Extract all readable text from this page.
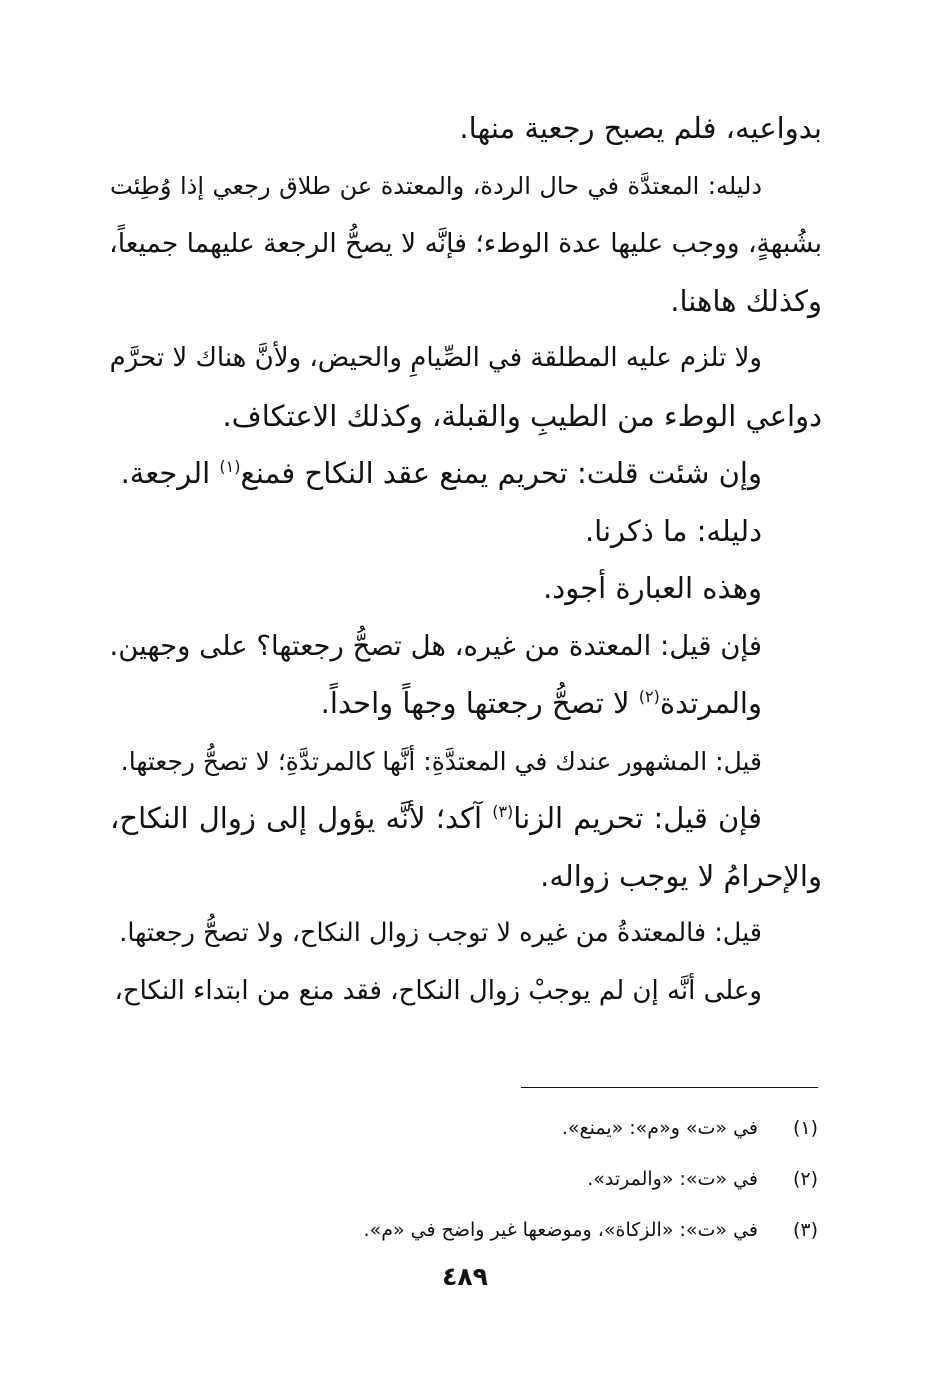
بدواعيه، فلم يصبح رجعية منها.
دليله: المعتدَّة في حال الردة، والمعتدة عن طلاق رجعي إذا وُطِئت
بشُبهةٍ، ووجب عليها عدة الوطء؛ فإنَّه لا يصحُّ الرجعة عليهما جميعاً،
وكذلك هاهنا.
ولا تلزم عليه المطلقة في الصِّيامِ والحيض، ولأنَّ هناك لا تحرَّم
دواعي الوطء من الطيبِ والقبلة، وكذلك الاعتكاف.
وإن شئت قلت: تحريم يمنع عقد النكاح فمنع$^{(١)}$ الرجعة.
دليله: ما ذكرنا.
وهذه العبارة أجود.
فإن قيل: المعتدة من غيره، هل تصحُّ رجعتها؟ على وجهين.
والمرتدة$^{(٢)}$ لا تصحُّ رجعتها وجهاً واحداً.
قيل: المشهور عندك في المعتدَّةِ: أنَّها كالمرتدَّةِ؛ لا تصحُّ رجعتها.
فإن قيل: تحريم الزنا$^{(٣)}$ آكد؛ لأنَّه يؤول إلى زوال النكاح،
والإحرامُ لا يوجب زواله.
قيل: فالمعتدةُ من غيره لا توجب زوال النكاح، ولا تصحُّ رجعتها.
وعلى أنَّه إن لم يوجبْ زوال النكاح، فقد منع من ابتداء النكاح،
(١)في «ت» و«م»: «يمنع».
(٢)في «ت»: «والمرتد».
(٣)في «ت»: «الزكاة»، وموضعها غير واضح في «م».
٤٨٩
